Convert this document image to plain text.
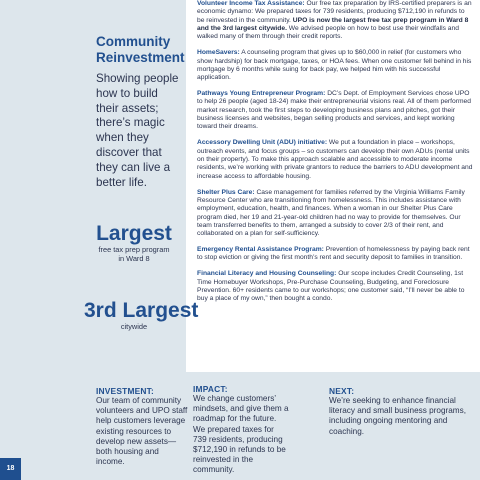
Community Reinvestment
Showing people how to build their assets; there’s magic when they discover that they can live a better life.
Largest
free tax prep program
in Ward 8
3rd Largest
citywide

Volunteer Income Tax Assistance: Our free tax preparation by IRS-certified preparers is an economic dynamo: We prepared taxes for 739 residents, producing $712,190 in refunds to be reinvested in the community. UPO is now the largest free tax prep program in Ward 8 and the 3rd largest citywide. We advised people on how to best use their windfalls and walked many of them through their credit reports.

HomeSavers: A counseling program that gives up to $60,000 in relief (for customers who show hardship) for back mortgage, taxes, or HOA fees. When one customer fell behind in his mortgage by 6 months while suing for back pay, we helped him with his successful application.

Pathways Young Entrepreneur Program: DC’s Dept. of Employment Services chose UPO to help 26 people (aged 18-24) make their entrepreneurial visions real. All of them performed market research, took the first steps to developing business plans and pitches, got their business licenses and websites, began selling products and services, and kept working toward their dreams.

Accessory Dwelling Unit (ADU) initiative: We put a foundation in place – workshops, outreach events, and focus groups – so customers can develop their own ADUs (rental units on their property). To make this approach scalable and accessible to moderate income residents, we’re working with private grantors to reduce the barriers to ADU development and increase access to affordable housing.

Shelter Plus Care: Case management for families referred by the Virginia Williams Family Resource Center who are transitioning from homelessness. This includes assistance with employment, education, health, and finances. When a woman in our Shelter Plus Care program died, her 19 and 21-year-old children had no way to provide for themselves. Our team transferred benefits to them, arranged a subsidy to cover 2/3 of their rent, and collaborated on a plan for self-sufficiency.

Emergency Rental Assistance Program: Prevention of homelessness by paying back rent to stop eviction or giving the first month’s rent and security deposit to families in transition.

Financial Literacy and Housing Counseling: Our scope includes Credit Counseling, 1st Time Homebuyer Workshops, Pre-Purchase Counseling, Budgeting, and Foreclosure Prevention. 60+ residents came to our workshops; one customer said, “I’ll never be able to buy a place of my own,” then bought a condo.

INVESTMENT:
Our team of community volunteers and UPO staff help customers leverage existing resources to develop new assets—both housing and income.
IMPACT:
We change customers’ mindsets, and give them a roadmap for the future. We prepared taxes for 739 residents, producing $712,190 in refunds to be reinvested in the community.
NEXT:
We’re seeking to enhance financial literacy and small business programs, including ongoing mentoring and coaching.
18
